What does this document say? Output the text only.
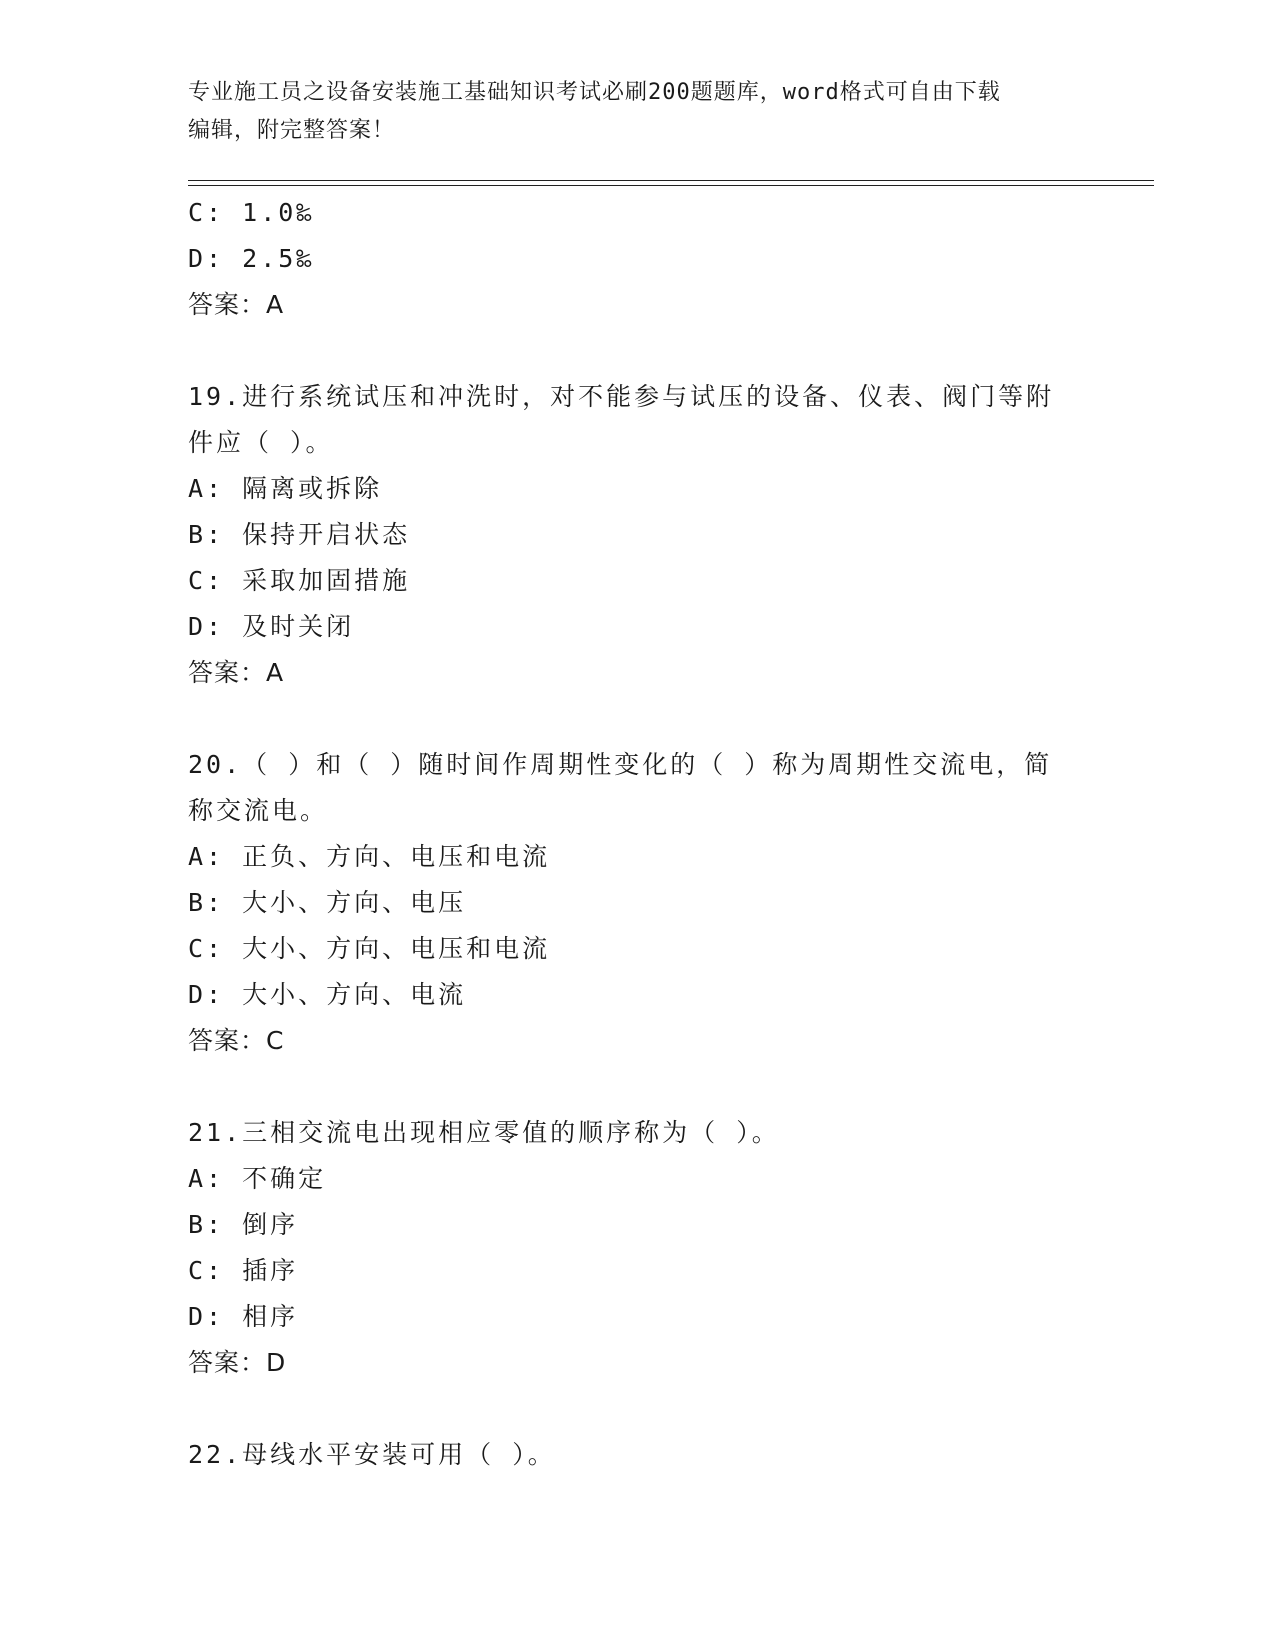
专业施工员之设备安装施工基础知识考试必刷200题题库，word格式可自由下载
编辑，附完整答案！
C: 1.0‰
D: 2.5‰
答案：A
19.进行系统试压和冲洗时，对不能参与试压的设备、仪表、阀门等附
件应（ ）。
A: 隔离或拆除
B: 保持开启状态
C: 采取加固措施
D: 及时关闭
答案：A
20.（ ）和（ ）随时间作周期性变化的（ ）称为周期性交流电，简
称交流电。
A: 正负、方向、电压和电流
B: 大小、方向、电压
C: 大小、方向、电压和电流
D: 大小、方向、电流
答案：C
21.三相交流电出现相应零值的顺序称为（ ）。
A: 不确定
B: 倒序
C: 插序
D: 相序
答案：D
22.母线水平安装可用（ ）。
